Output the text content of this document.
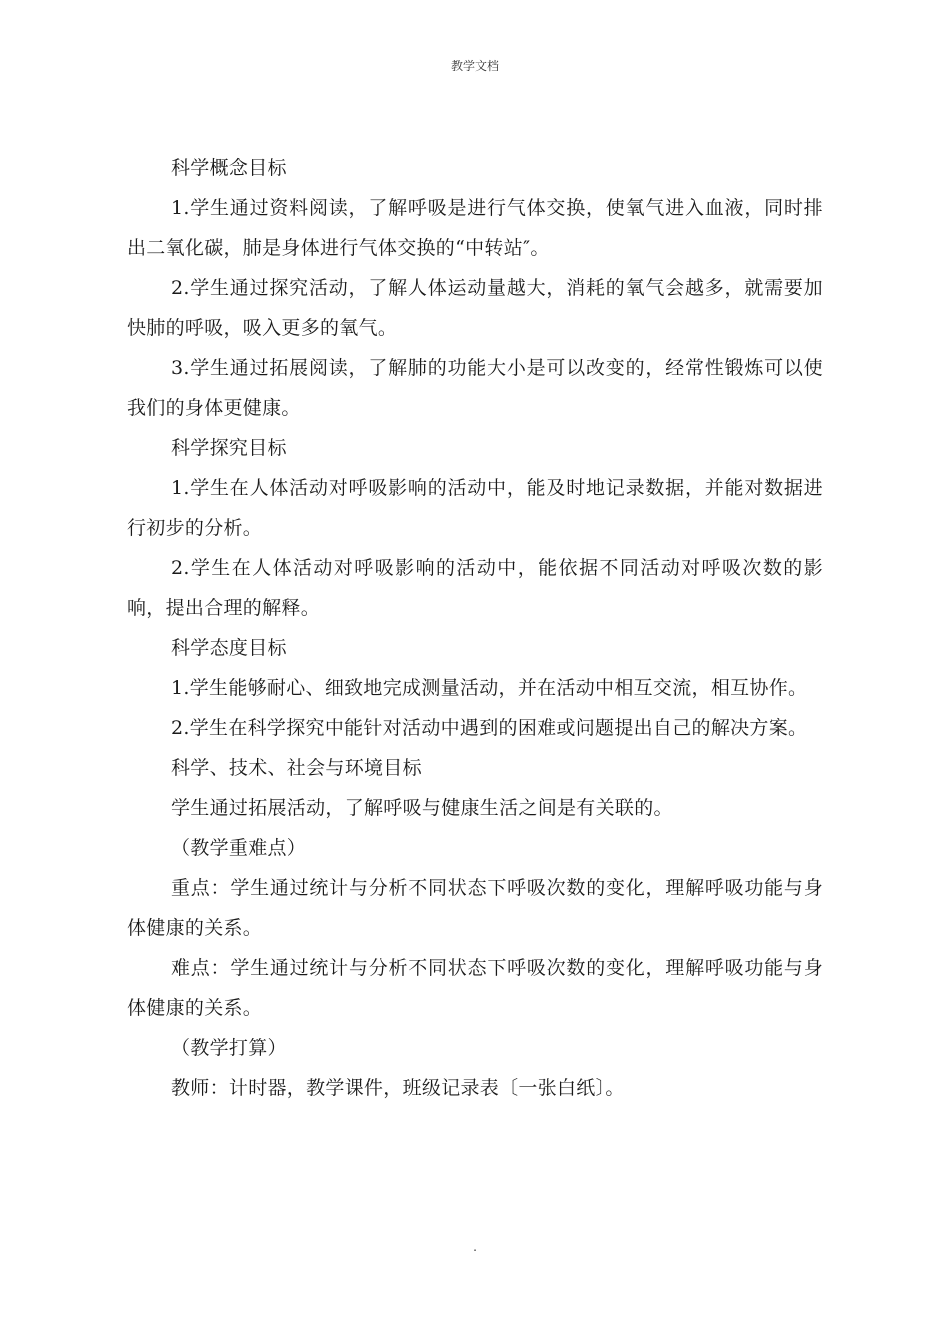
教学文档

科学概念目标

1.学生通过资料阅读，了解呼吸是进行气体交换，使氧气进入血液，同时排出二氧化碳，肺是身体进行气体交换的“中转站″。

2.学生通过探究活动，了解人体运动量越大，消耗的氧气会越多，就需要加快肺的呼吸，吸入更多的氧气。

3.学生通过拓展阅读，了解肺的功能大小是可以改变的，经常性锻炼可以使我们的身体更健康。

科学探究目标

1.学生在人体活动对呼吸影响的活动中，能及时地记录数据，并能对数据进行初步的分析。

2.学生在人体活动对呼吸影响的活动中，能依据不同活动对呼吸次数的影响，提出合理的解释。

科学态度目标

1.学生能够耐心、细致地完成测量活动，并在活动中相互交流，相互协作。

2.学生在科学探究中能针对活动中遇到的困难或问题提出自己的解决方案。

科学、技术、社会与环境目标

学生通过拓展活动，了解呼吸与健康生活之间是有关联的。

（教学重难点）

重点：学生通过统计与分析不同状态下呼吸次数的变化，理解呼吸功能与身体健康的关系。

难点：学生通过统计与分析不同状态下呼吸次数的变化，理解呼吸功能与身体健康的关系。

（教学打算）

教师：计时器，教学课件，班级记录表〔一张白纸〕。

.
